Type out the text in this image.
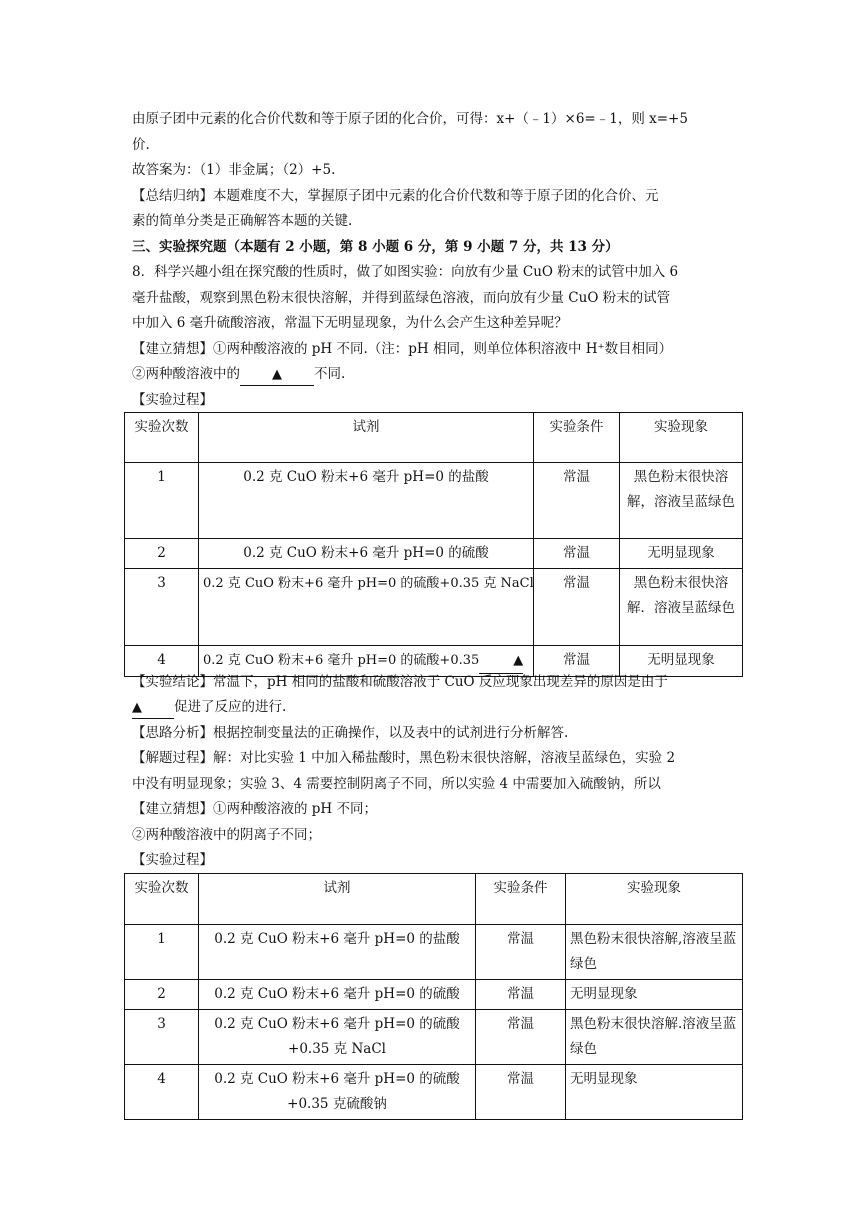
由原子团中元素的化合价代数和等于原子团的化合价，可得：x+（﹣1）×6=﹣1，则 x=+5
价.
故答案为：（1）非金属；（2）+5.
【总结归纳】本题难度不大，掌握原子团中元素的化合价代数和等于原子团的化合价、元
素的简单分类是正确解答本题的关键.
三、实验探究题（本题有 2 小题，第 8 小题 6 分，第 9 小题 7 分，共 13 分）
8．科学兴趣小组在探究酸的性质时，做了如图实验：向放有少量 CuO 粉末的试管中加入 6
毫升盐酸，观察到黑色粉末很快溶解，并得到蓝绿色溶液，而向放有少量 CuO 粉末的试管
中加入 6 毫升硫酸溶液，常温下无明显现象，为什么会产生这种差异呢？
【建立猜想】①两种酸溶液的 pH 不同.（注：pH 相同，则单位体积溶液中 H⁺数目相同）
②两种酸溶液中的 ▲ 不同.
【实验过程】
实验次数	试剂	实验条件	实验现象
1	0.2 克 CuO 粉末+6 毫升 pH=0 的盐酸	常温	黑色粉末很快溶解，溶液呈蓝绿色
2	0.2 克 CuO 粉末+6 毫升 pH=0 的硫酸	常温	无明显现象
3	0.2 克 CuO 粉末+6 毫升 pH=0 的硫酸+0.35 克 NaCl	常温	黑色粉末很快溶解．溶液呈蓝绿色
4	0.2 克 CuO 粉末+6 毫升 pH=0 的硫酸+0.35 ▲	常温	无明显现象
【实验结论】常温下，pH 相同的盐酸和硫酸溶液于 CuO 反应现象出现差异的原因是由于
▲ 促进了反应的进行.
【思路分析】根据控制变量法的正确操作，以及表中的试剂进行分析解答.
【解题过程】解：对比实验 1 中加入稀盐酸时，黑色粉末很快溶解，溶液呈蓝绿色，实验 2
中没有明显现象；实验 3、4 需要控制阴离子不同，所以实验 4 中需要加入硫酸钠，所以
【建立猜想】①两种酸溶液的 pH 不同；
②两种酸溶液中的阴离子不同；
【实验过程】
实验次数	试剂	实验条件	实验现象
1	0.2 克 CuO 粉末+6 毫升 pH=0 的盐酸	常温	黑色粉末很快溶解,溶液呈蓝绿色
2	0.2 克 CuO 粉末+6 毫升 pH=0 的硫酸	常温	无明显现象
3	0.2 克 CuO 粉末+6 毫升 pH=0 的硫酸+0.35 克 NaCl	常温	黑色粉末很快溶解.溶液呈蓝绿色
4	0.2 克 CuO 粉末+6 毫升 pH=0 的硫酸+0.35 克硫酸钠	常温	无明显现象
